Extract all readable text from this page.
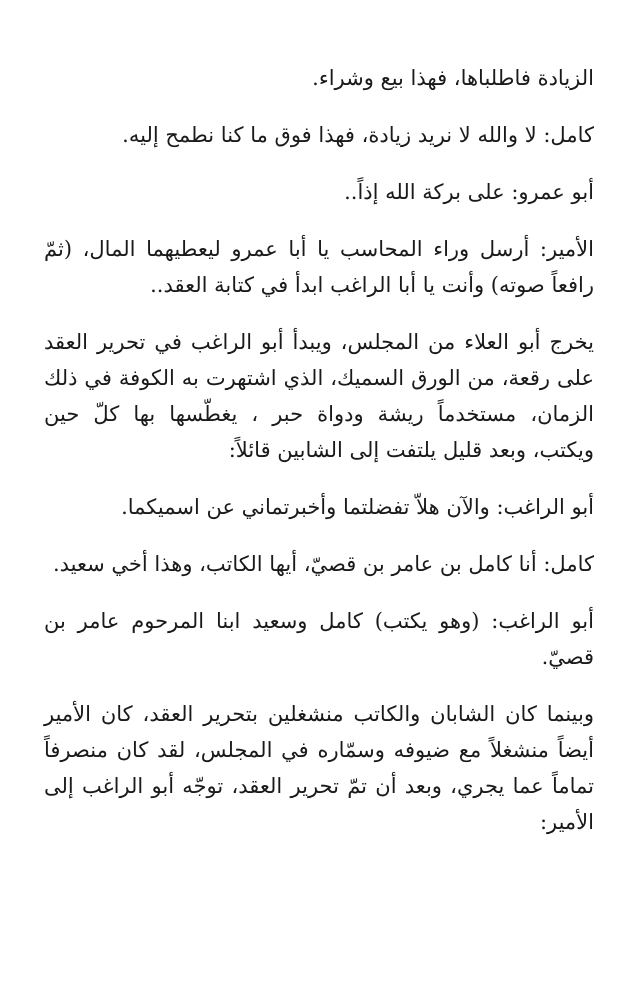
الزيادة فاطلباها، فهذا بيع وشراء.

كامل: لا والله لا نريد زيادة، فهذا فوق ما كنا نطمح إليه.

أبو عمرو: على بركة الله إذاً..

الأمير: أرسل وراء المحاسب يا أبا عمرو ليعطيهما المال، (ثمّ رافعاً صوته) وأنت يا أبا الراغب ابدأ في كتابة العقد..

يخرج أبو العلاء من المجلس، ويبدأ أبو الراغب في تحرير العقد على رقعة، من الورق السميك، الذي اشتهرت به الكوفة في ذلك الزمان، مستخدماً ريشة ودواة حبر ، يغطّسها بها كلّ حين ويكتب، وبعد قليل يلتفت إلى الشابين قائلاً:

أبو الراغب: والآن هلاّ تفضلتما وأخبرتماني عن اسميكما.

كامل: أنا كامل بن عامر بن قصيّ، أيها الكاتب، وهذا أخي سعيد.

أبو الراغب: (وهو يكتب) كامل وسعيد ابنا المرحوم عامر بن قصيّ.

وبينما كان الشابان والكاتب منشغلين بتحرير العقد، كان الأمير أيضاً منشغلاً مع ضيوفه وسمّاره في المجلس، لقد كان منصرفاً تماماً عما يجري، وبعد أن تمّ تحرير العقد، توجّه أبو الراغب إلى الأمير:
